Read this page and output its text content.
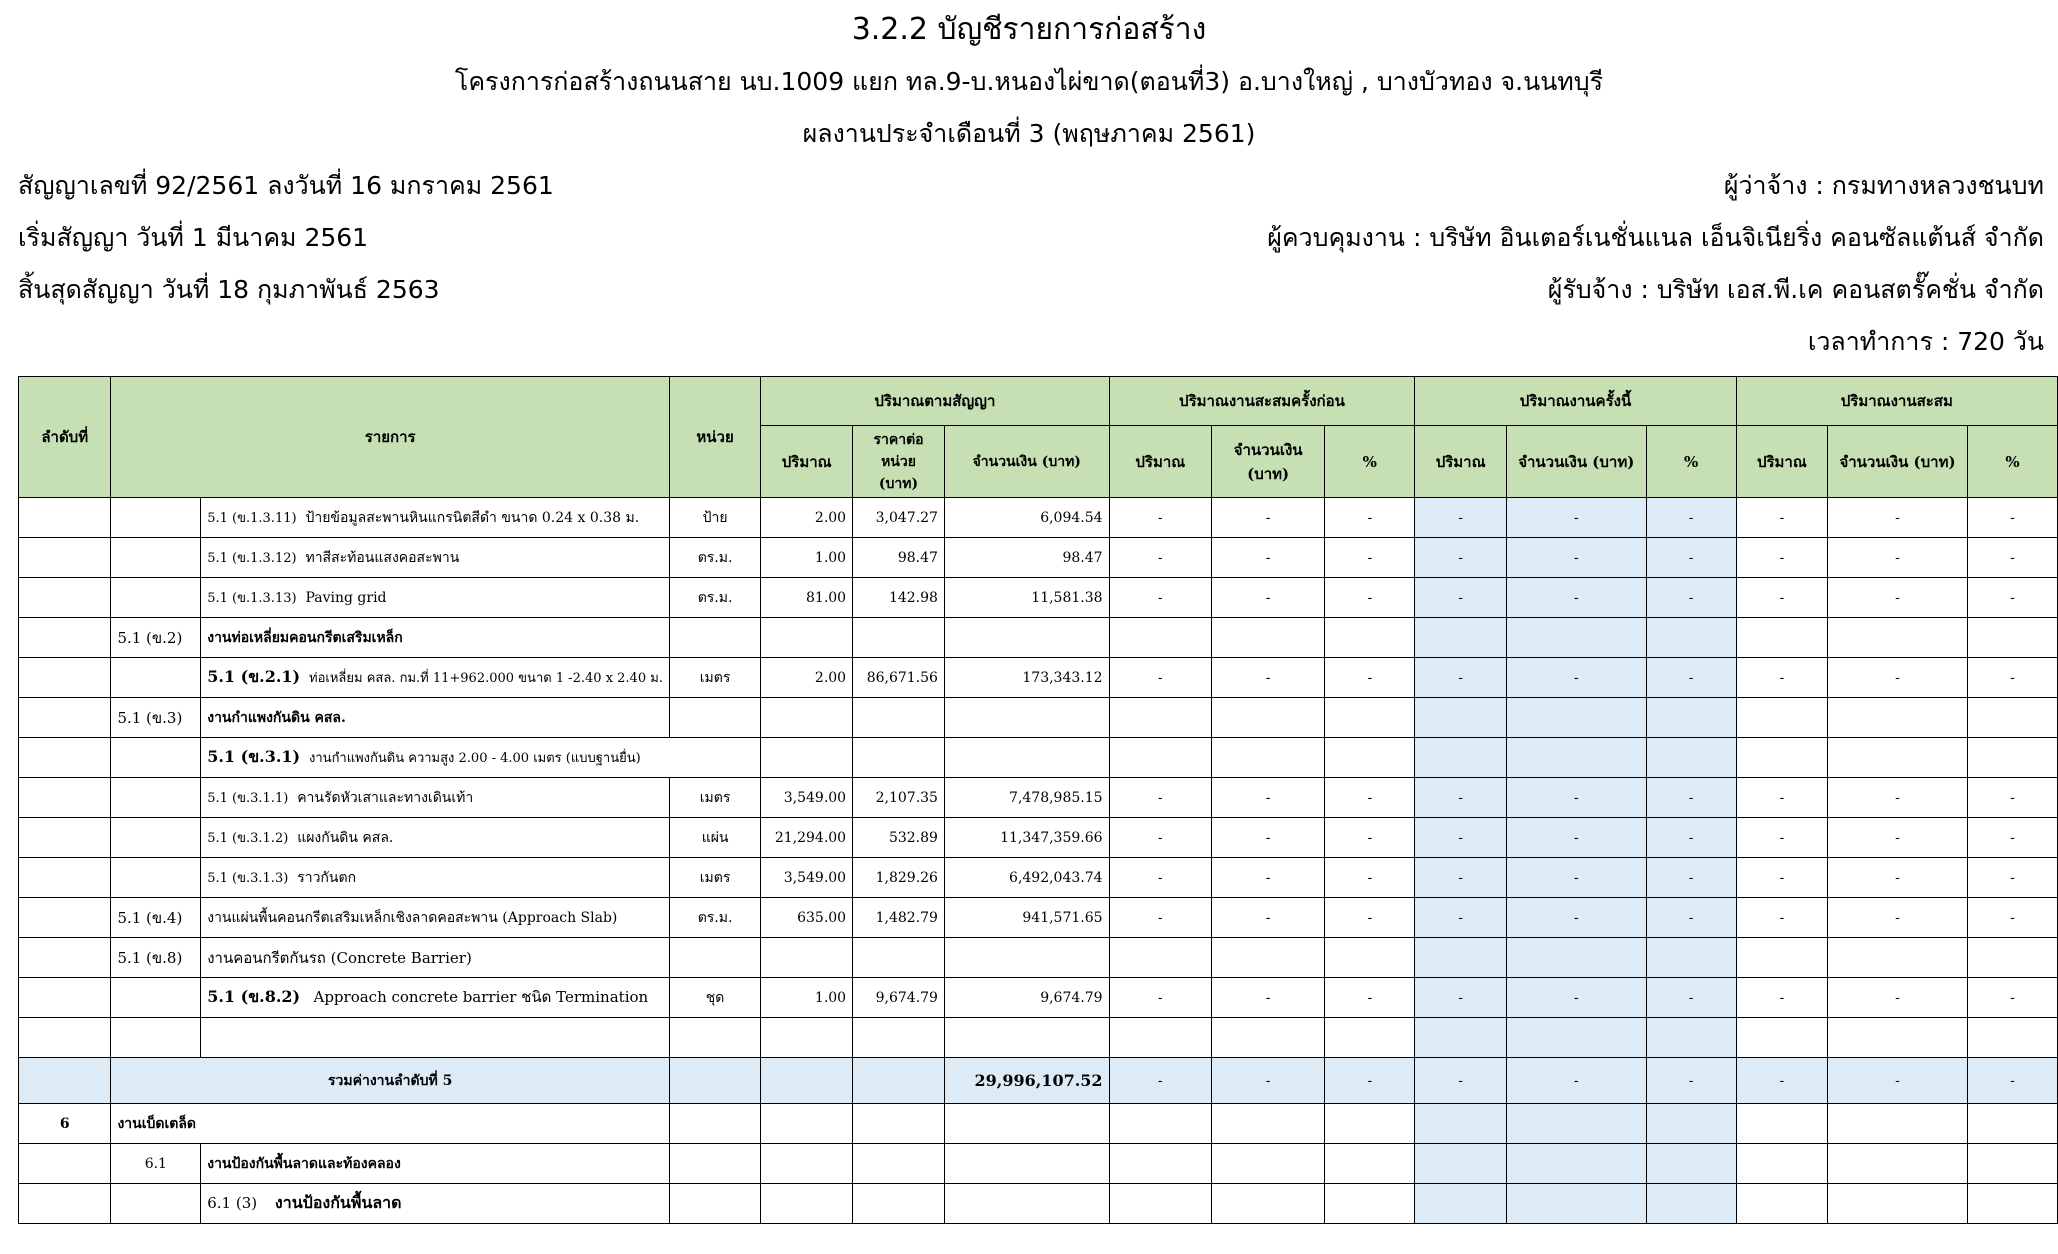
3.2.2 บัญชีรายการก่อสร้าง
โครงการก่อสร้างถนนสาย นบ.1009 แยก ทล.9-บ.หนองไผ่ขาด(ตอนที่3) อ.บางใหญ่ , บางบัวทอง จ.นนทบุรี
ผลงานประจำเดือนที่ 3 (พฤษภาคม 2561)
สัญญาเลขที่ 92/2561 ลงวันที่ 16 มกราคม 2561
เริ่มสัญญา วันที่ 1 มีนาคม 2561
สิ้นสุดสัญญา วันที่ 18 กุมภาพันธ์ 2563
ผู้ว่าจ้าง : กรมทางหลวงชนบท
ผู้ควบคุมงาน : บริษัท อินเตอร์เนชั่นแนล เอ็นจิเนียริ่ง คอนซัลแต้นส์ จำกัด
ผู้รับจ้าง : บริษัท เอส.พี.เค คอนสตรั๊คชั่น จำกัด
เวลาทำการ : 720 วัน
ลำดับที่	รายการ		หน่วย	ปริมาณตามสัญญา			ปริมาณงานสะสมครั้งก่อน			ปริมาณงานครั้งนี้			ปริมาณงานสะสม		
				ปริมาณ	ราคาต่อ หน่วย (บาท)	จำนวนเงิน (บาท)	ปริมาณ	จำนวนเงิน (บาท)	%	ปริมาณ	จำนวนเงิน (บาท)	%	ปริมาณ	จำนวนเงิน (บาท)	%
		5.1 (ข.1.3.11) ป้ายข้อมูลสะพานหินแกรนิตสีดำ ขนาด 0.24 x 0.38 ม.	ป้าย	2.00	3,047.27	6,094.54	-	-	-	-	-	-	-	-	-
		5.1 (ข.1.3.12) ทาสีสะท้อนแสงคอสะพาน	ตร.ม.	1.00	98.47	98.47	-	-	-	-	-	-	-	-	-
		5.1 (ข.1.3.13) Paving grid	ตร.ม.	81.00	142.98	11,581.38	-	-	-	-	-	-	-	-	-
	5.1 (ข.2)	งานท่อเหลี่ยมคอนกรีตเสริมเหล็ก													
		5.1 (ข.2.1) ท่อเหลี่ยม คสล. กม.ที่ 11+962.000 ขนาด 1 -2.40 x 2.40 ม.	เมตร	2.00	86,671.56	173,343.12	-	-	-	-	-	-	-	-	-
	5.1 (ข.3)	งานกำแพงกันดิน คสล.													
		5.1 (ข.3.1) งานกำแพงกันดิน ความสูง 2.00 - 4.00 เมตร (แบบฐานยื่น)													
		5.1 (ข.3.1.1) คานรัดหัวเสาและทางเดินเท้า	เมตร	3,549.00	2,107.35	7,478,985.15	-	-	-	-	-	-	-	-	-
		5.1 (ข.3.1.2) แผงกันดิน คสล.	แผ่น	21,294.00	532.89	11,347,359.66	-	-	-	-	-	-	-	-	-
		5.1 (ข.3.1.3) ราวกันตก	เมตร	3,549.00	1,829.26	6,492,043.74	-	-	-	-	-	-	-	-	-
	5.1 (ข.4)	งานแผ่นพื้นคอนกรีตเสริมเหล็กเชิงลาดคอสะพาน (Approach Slab)	ตร.ม.	635.00	1,482.79	941,571.65	-	-	-	-	-	-	-	-	-
	5.1 (ข.8)	งานคอนกรีตกันรถ (Concrete Barrier)													
		5.1 (ข.8.2) Approach concrete barrier ชนิด Termination	ชุด	1.00	9,674.79	9,674.79	-	-	-	-	-	-	-	-	-

	รวมค่างานลำดับที่ 5					29,996,107.52	-	-	-	-	-	-	-	-	-
6	งานเบ็ดเตล็ด														
	6.1	งานป้องกันพื้นลาดและท้องคลอง													
		6.1 (3) งานป้องกันพื้นลาด													
